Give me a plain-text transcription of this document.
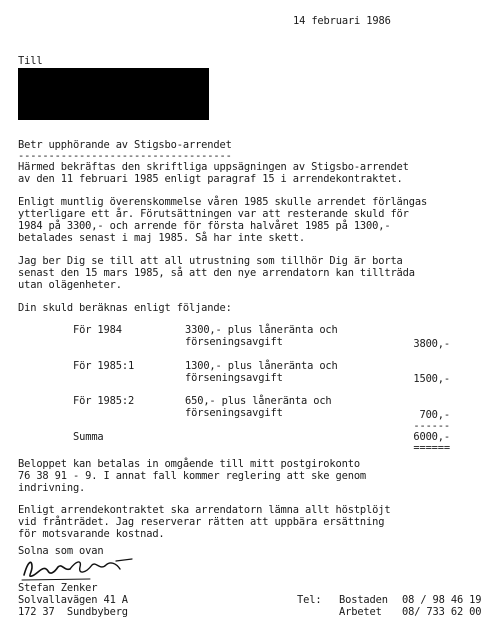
14 februari 1986
Till
Betr upphörande av Stigsbo-arrendet
-----------------------------------
Härmed bekräftas den skriftliga uppsägningen av Stigsbo-arrendet
av den 11 februari 1985 enligt paragraf 15 i arrendekontraktet.
Enligt muntlig överenskommelse våren 1985 skulle arrendet förlängas
ytterligare ett år. Förutsättningen var att resterande skuld för
1984 på 3300,- och arrende för första halvåret 1985 på 1300,-
betalades senast i maj 1985. Så har inte skett.
Jag ber Dig se till att all utrustning som tillhör Dig är borta
senast den 15 mars 1985, så att den nye arrendatorn kan tillträda
utan olägenheter.
Din skuld beräknas enligt följande:
För 1984	3300,- plus låneränta och
förseningsavgift	3800,-
För 1985:1	1300,- plus låneränta och
förseningsavgift	1500,-
För 1985:2	650,- plus låneränta och
förseningsavgift	700,-
------
Summa	6000,-
======
Beloppet kan betalas in omgående till mitt postgirokonto
76 38 91 - 9. I annat fall kommer reglering att ske genom
indrivning.
Enligt arrendekontraktet ska arrendatorn lämna allt höstplöjt
vid frånträdet. Jag reserverar rätten att uppbära ersättning
för motsvarande kostnad.
Solna som ovan
Stefan Zenker
Solvallavägen 41 A
172 37  Sundbyberg
Tel: Bostaden 08 / 98 46 19
Arbetet 08/ 733 62 00
